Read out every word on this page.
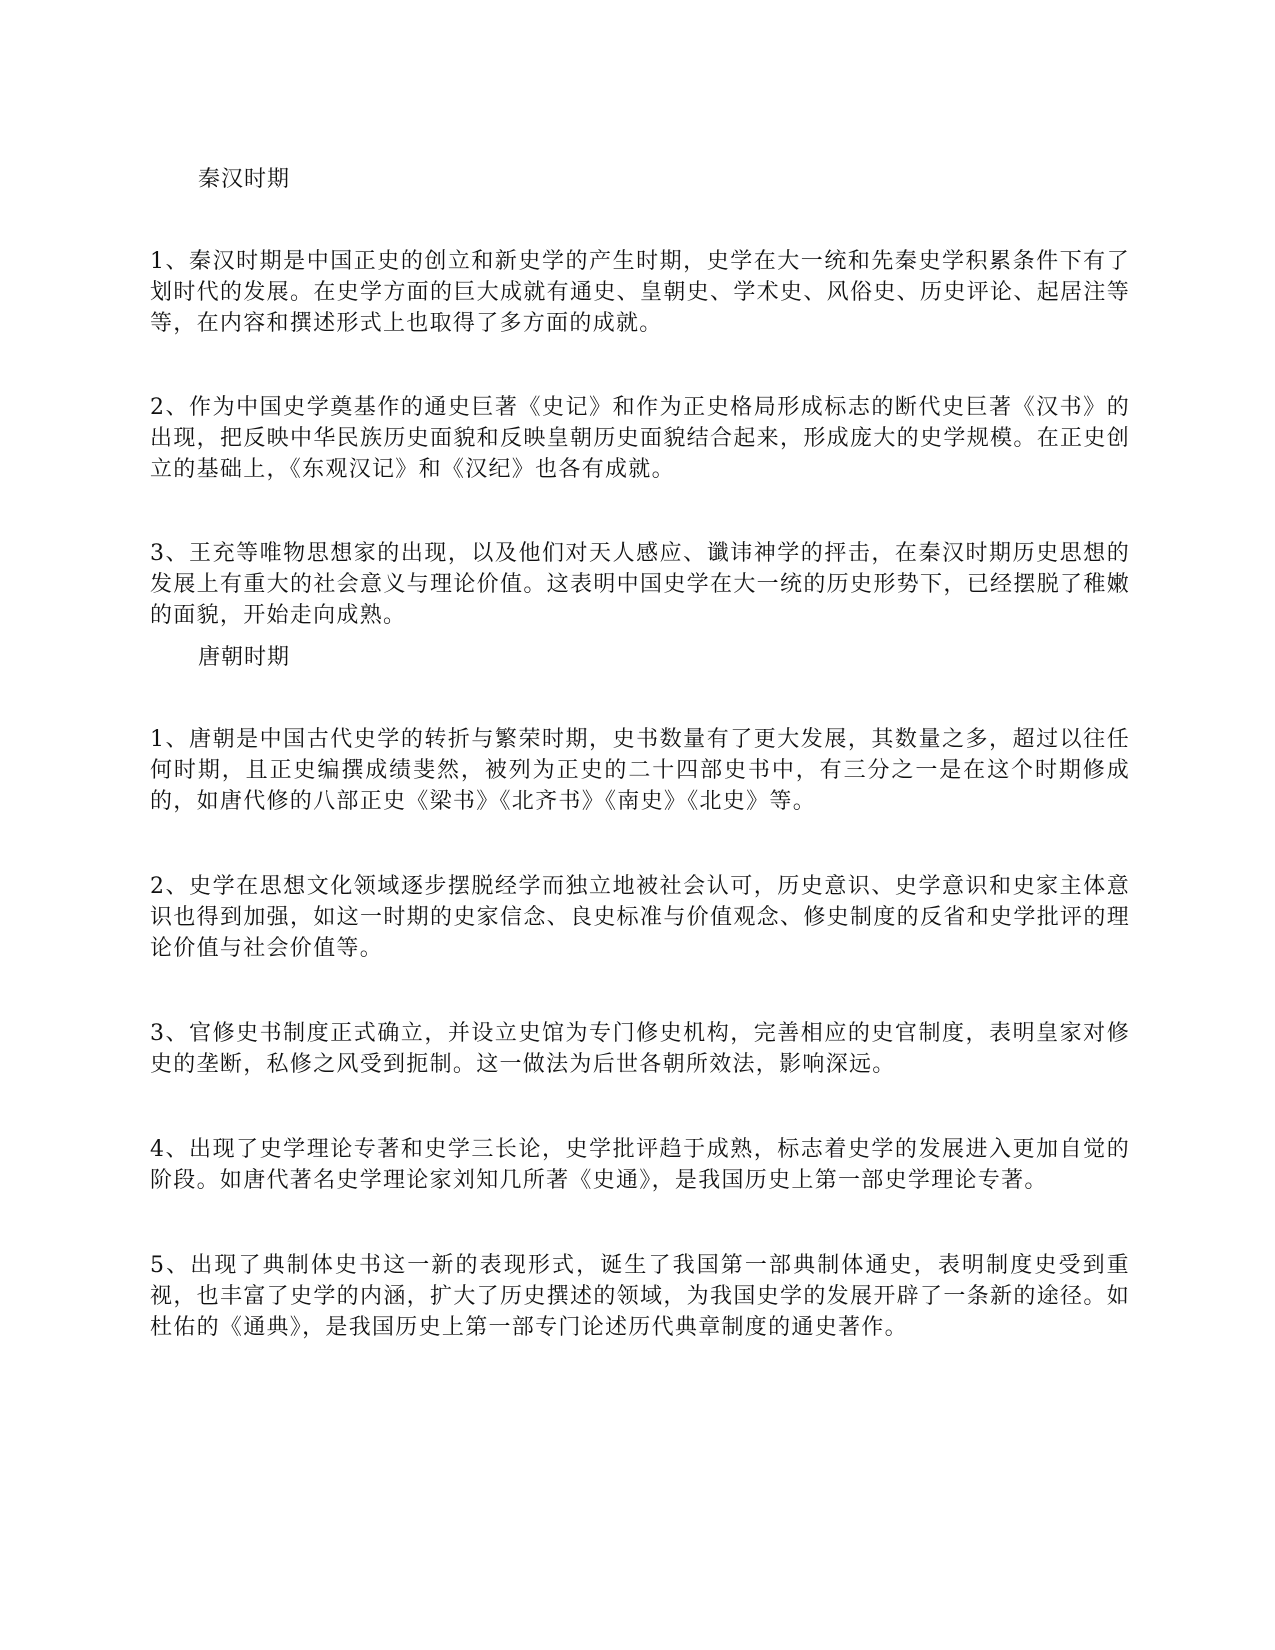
秦汉时期

1、秦汉时期是中国正史的创立和新史学的产生时期，史学在大一统和先秦史学积累条件下有了划时代的发展。在史学方面的巨大成就有通史、皇朝史、学术史、风俗史、历史评论、起居注等等，在内容和撰述形式上也取得了多方面的成就。

2、作为中国史学奠基作的通史巨著《史记》和作为正史格局形成标志的断代史巨著《汉书》的出现，把反映中华民族历史面貌和反映皇朝历史面貌结合起来，形成庞大的史学规模。在正史创立的基础上，《东观汉记》和《汉纪》也各有成就。

3、王充等唯物思想家的出现，以及他们对天人感应、谶讳神学的抨击，在秦汉时期历史思想的发展上有重大的社会意义与理论价值。这表明中国史学在大一统的历史形势下，已经摆脱了稚嫩的面貌，开始走向成熟。

唐朝时期

1、唐朝是中国古代史学的转折与繁荣时期，史书数量有了更大发展，其数量之多，超过以往任何时期，且正史编撰成绩斐然，被列为正史的二十四部史书中，有三分之一是在这个时期修成的，如唐代修的八部正史《梁书》《北齐书》《南史》《北史》等。

2、史学在思想文化领域逐步摆脱经学而独立地被社会认可，历史意识、史学意识和史家主体意识也得到加强，如这一时期的史家信念、良史标准与价值观念、修史制度的反省和史学批评的理论价值与社会价值等。

3、官修史书制度正式确立，并设立史馆为专门修史机构，完善相应的史官制度，表明皇家对修史的垄断，私修之风受到扼制。这一做法为后世各朝所效法，影响深远。

4、出现了史学理论专著和史学三长论，史学批评趋于成熟，标志着史学的发展进入更加自觉的阶段。如唐代著名史学理论家刘知几所著《史通》，是我国历史上第一部史学理论专著。

5、出现了典制体史书这一新的表现形式，诞生了我国第一部典制体通史，表明制度史受到重视，也丰富了史学的内涵，扩大了历史撰述的领域，为我国史学的发展开辟了一条新的途径。如杜佑的《通典》，是我国历史上第一部专门论述历代典章制度的通史著作。
